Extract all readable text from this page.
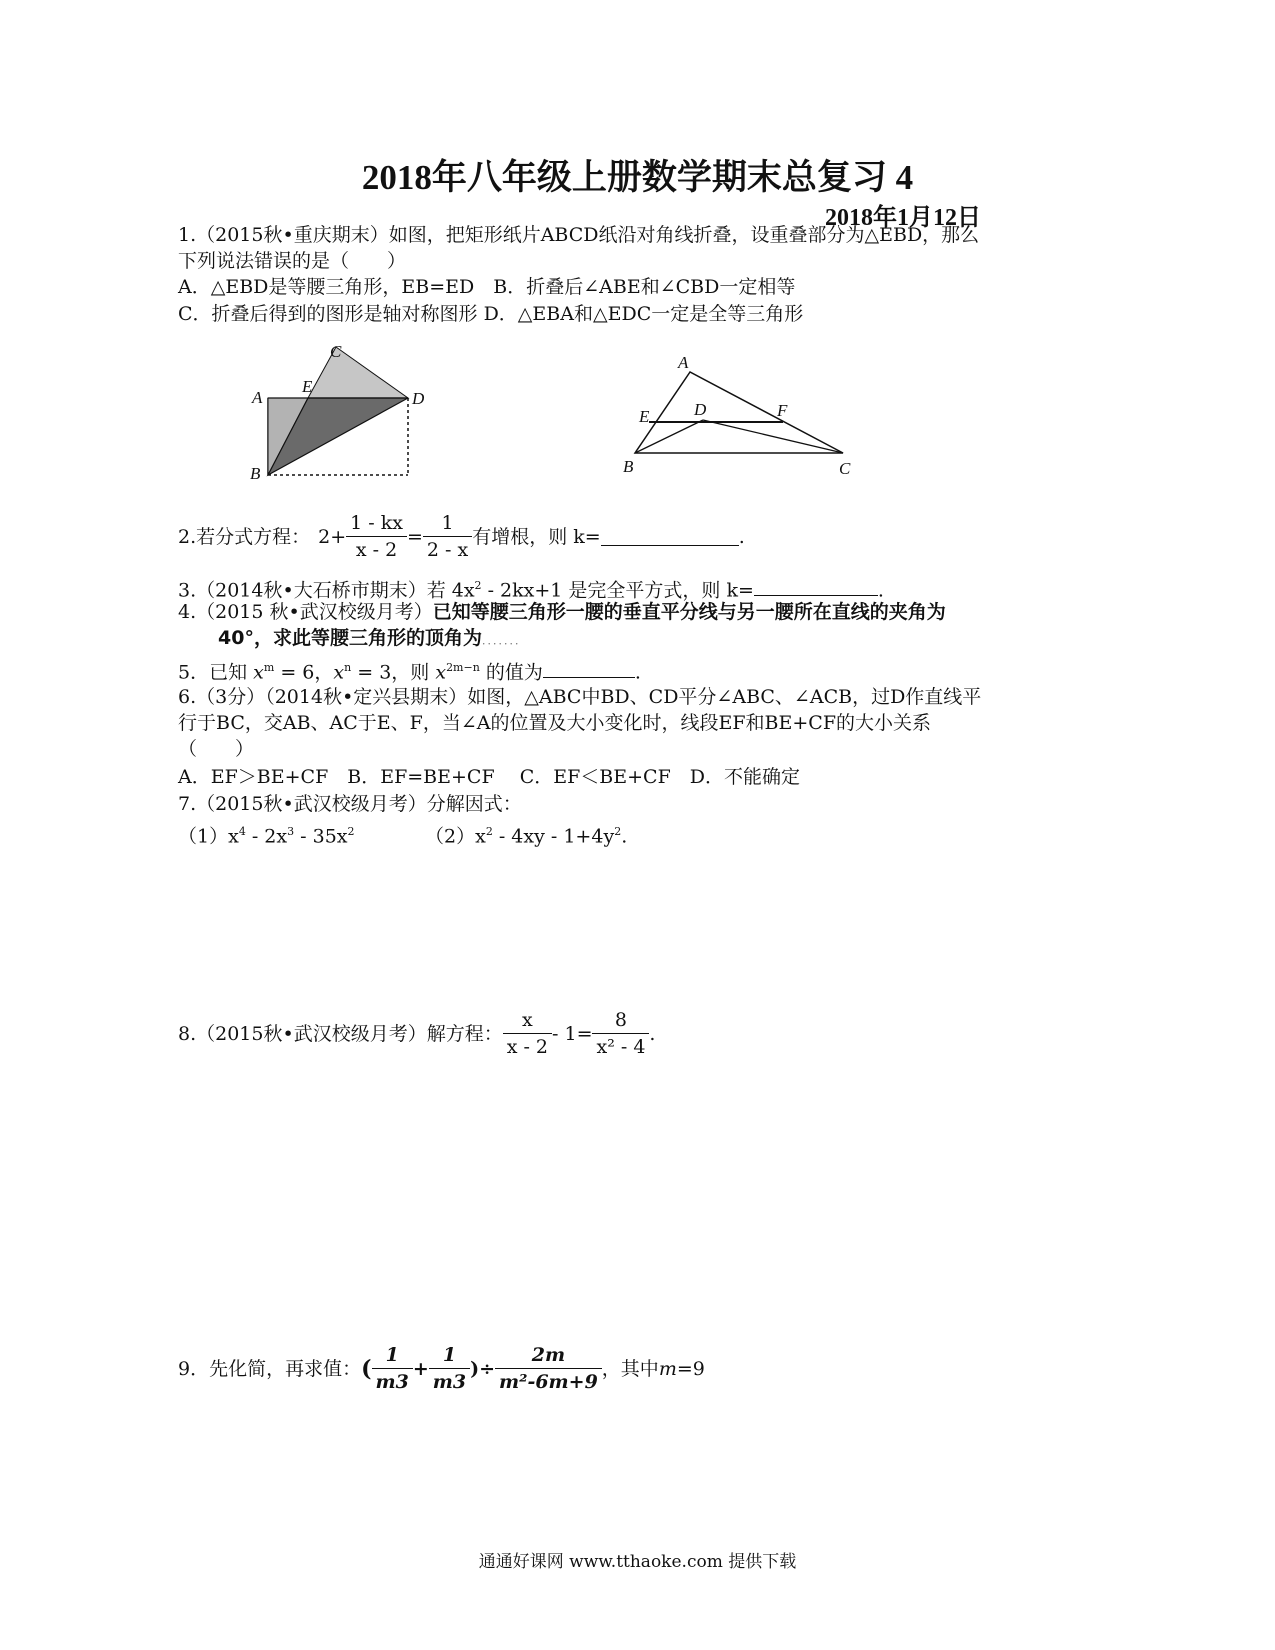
2018年八年级上册数学期末总复习 4
2018年1月12日
1.（2015秋•重庆期末）如图，把矩形纸片ABCD纸沿对角线折叠，设重叠部分为△EBD，那么
下列说法错误的是（　　）
A．△EBD是等腰三角形，EB=ED　B．折叠后∠ABE和∠CBD一定相等
C．折叠后得到的图形是轴对称图形 D．△EBA和△EDC一定是全等三角形
A
B
C
D
E
A
B	C
D
E	F
2.若分式方程： $2+ \frac{1 - kx}{x - 2} = \frac{1}{2 - x}$ 有增根，则 k=	.
3.（2014秋•大石桥市期末）若 $4x^2 - 2kx+1$ 是完全平方式，则 k=	.
4.（2015 秋•武汉校级月考）已知等腰三角形一腰的垂直平分线与另一腰所在直线的夹角为
40°，求此等腰三角形的顶角为．．．．．．．
5．已知 $x^m = 6$，$x^n = 3$，则 $x^{2m-n}$ 的值为	.
6.（3分）（2014秋•定兴县期末）如图，△ABC中BD、CD平分∠ABC、∠ACB，过D作直线平
行于BC，交AB、AC于E、F，当∠A的位置及大小变化时，线段EF和BE+CF的大小关系
（　　）
A．EF＞BE+CF　B．EF=BE+CF　 C．EF＜BE+CF　D．不能确定
7.（2015秋•武汉校级月考）分解因式：
$(1)x^4 - 2x^3 - 35x^2$	$(2)x^2 - 4xy - 1+4y^2$.
8.（2015秋•武汉校级月考）解方程： $\frac{x}{x - 2} - 1= \frac{8}{\text{x² - 4}}$ .
9．先化简，再求值： ( $\frac{1}{m3} + \frac{1}{m3}$ )÷ $\frac{2m}{\text{m²-6m+9}}$ ，其中 m =9
通通好课网 www.tthaoke.com 提供下载
